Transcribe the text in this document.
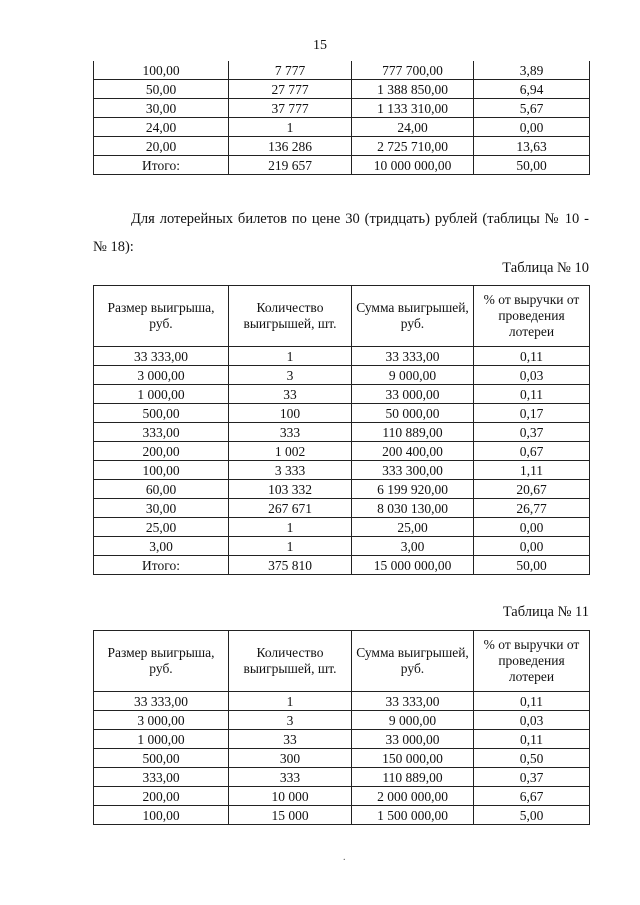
15
100,00	7 777	777 700,00	3,89
50,00	27 777	1 388 850,00	6,94
30,00	37 777	1 133 310,00	5,67
24,00	1	24,00	0,00
20,00	136 286	2 725 710,00	13,63
Итого:	219 657	10 000 000,00	50,00

Для лотерейных билетов по цене 30 (тридцать) рублей (таблицы № 10 - № 18):

Таблица № 10
Размер выигрыша, руб.	Количество выигрышей, шт.	Сумма выигрышей, руб.	% от выручки от проведения лотереи
33 333,00	1	33 333,00	0,11
3 000,00	3	9 000,00	0,03
1 000,00	33	33 000,00	0,11
500,00	100	50 000,00	0,17
333,00	333	110 889,00	0,37
200,00	1 002	200 400,00	0,67
100,00	3 333	333 300,00	1,11
60,00	103 332	6 199 920,00	20,67
30,00	267 671	8 030 130,00	26,77
25,00	1	25,00	0,00
3,00	1	3,00	0,00
Итого:	375 810	15 000 000,00	50,00
Таблица № 11
Размер выигрыша, руб.	Количество выигрышей, шт.	Сумма выигрышей, руб.	% от выручки от проведения лотереи
33 333,00	1	33 333,00	0,11
3 000,00	3	9 000,00	0,03
1 000,00	33	33 000,00	0,11
500,00	300	150 000,00	0,50
333,00	333	110 889,00	0,37
200,00	10 000	2 000 000,00	6,67
100,00	15 000	1 500 000,00	5,00
.
